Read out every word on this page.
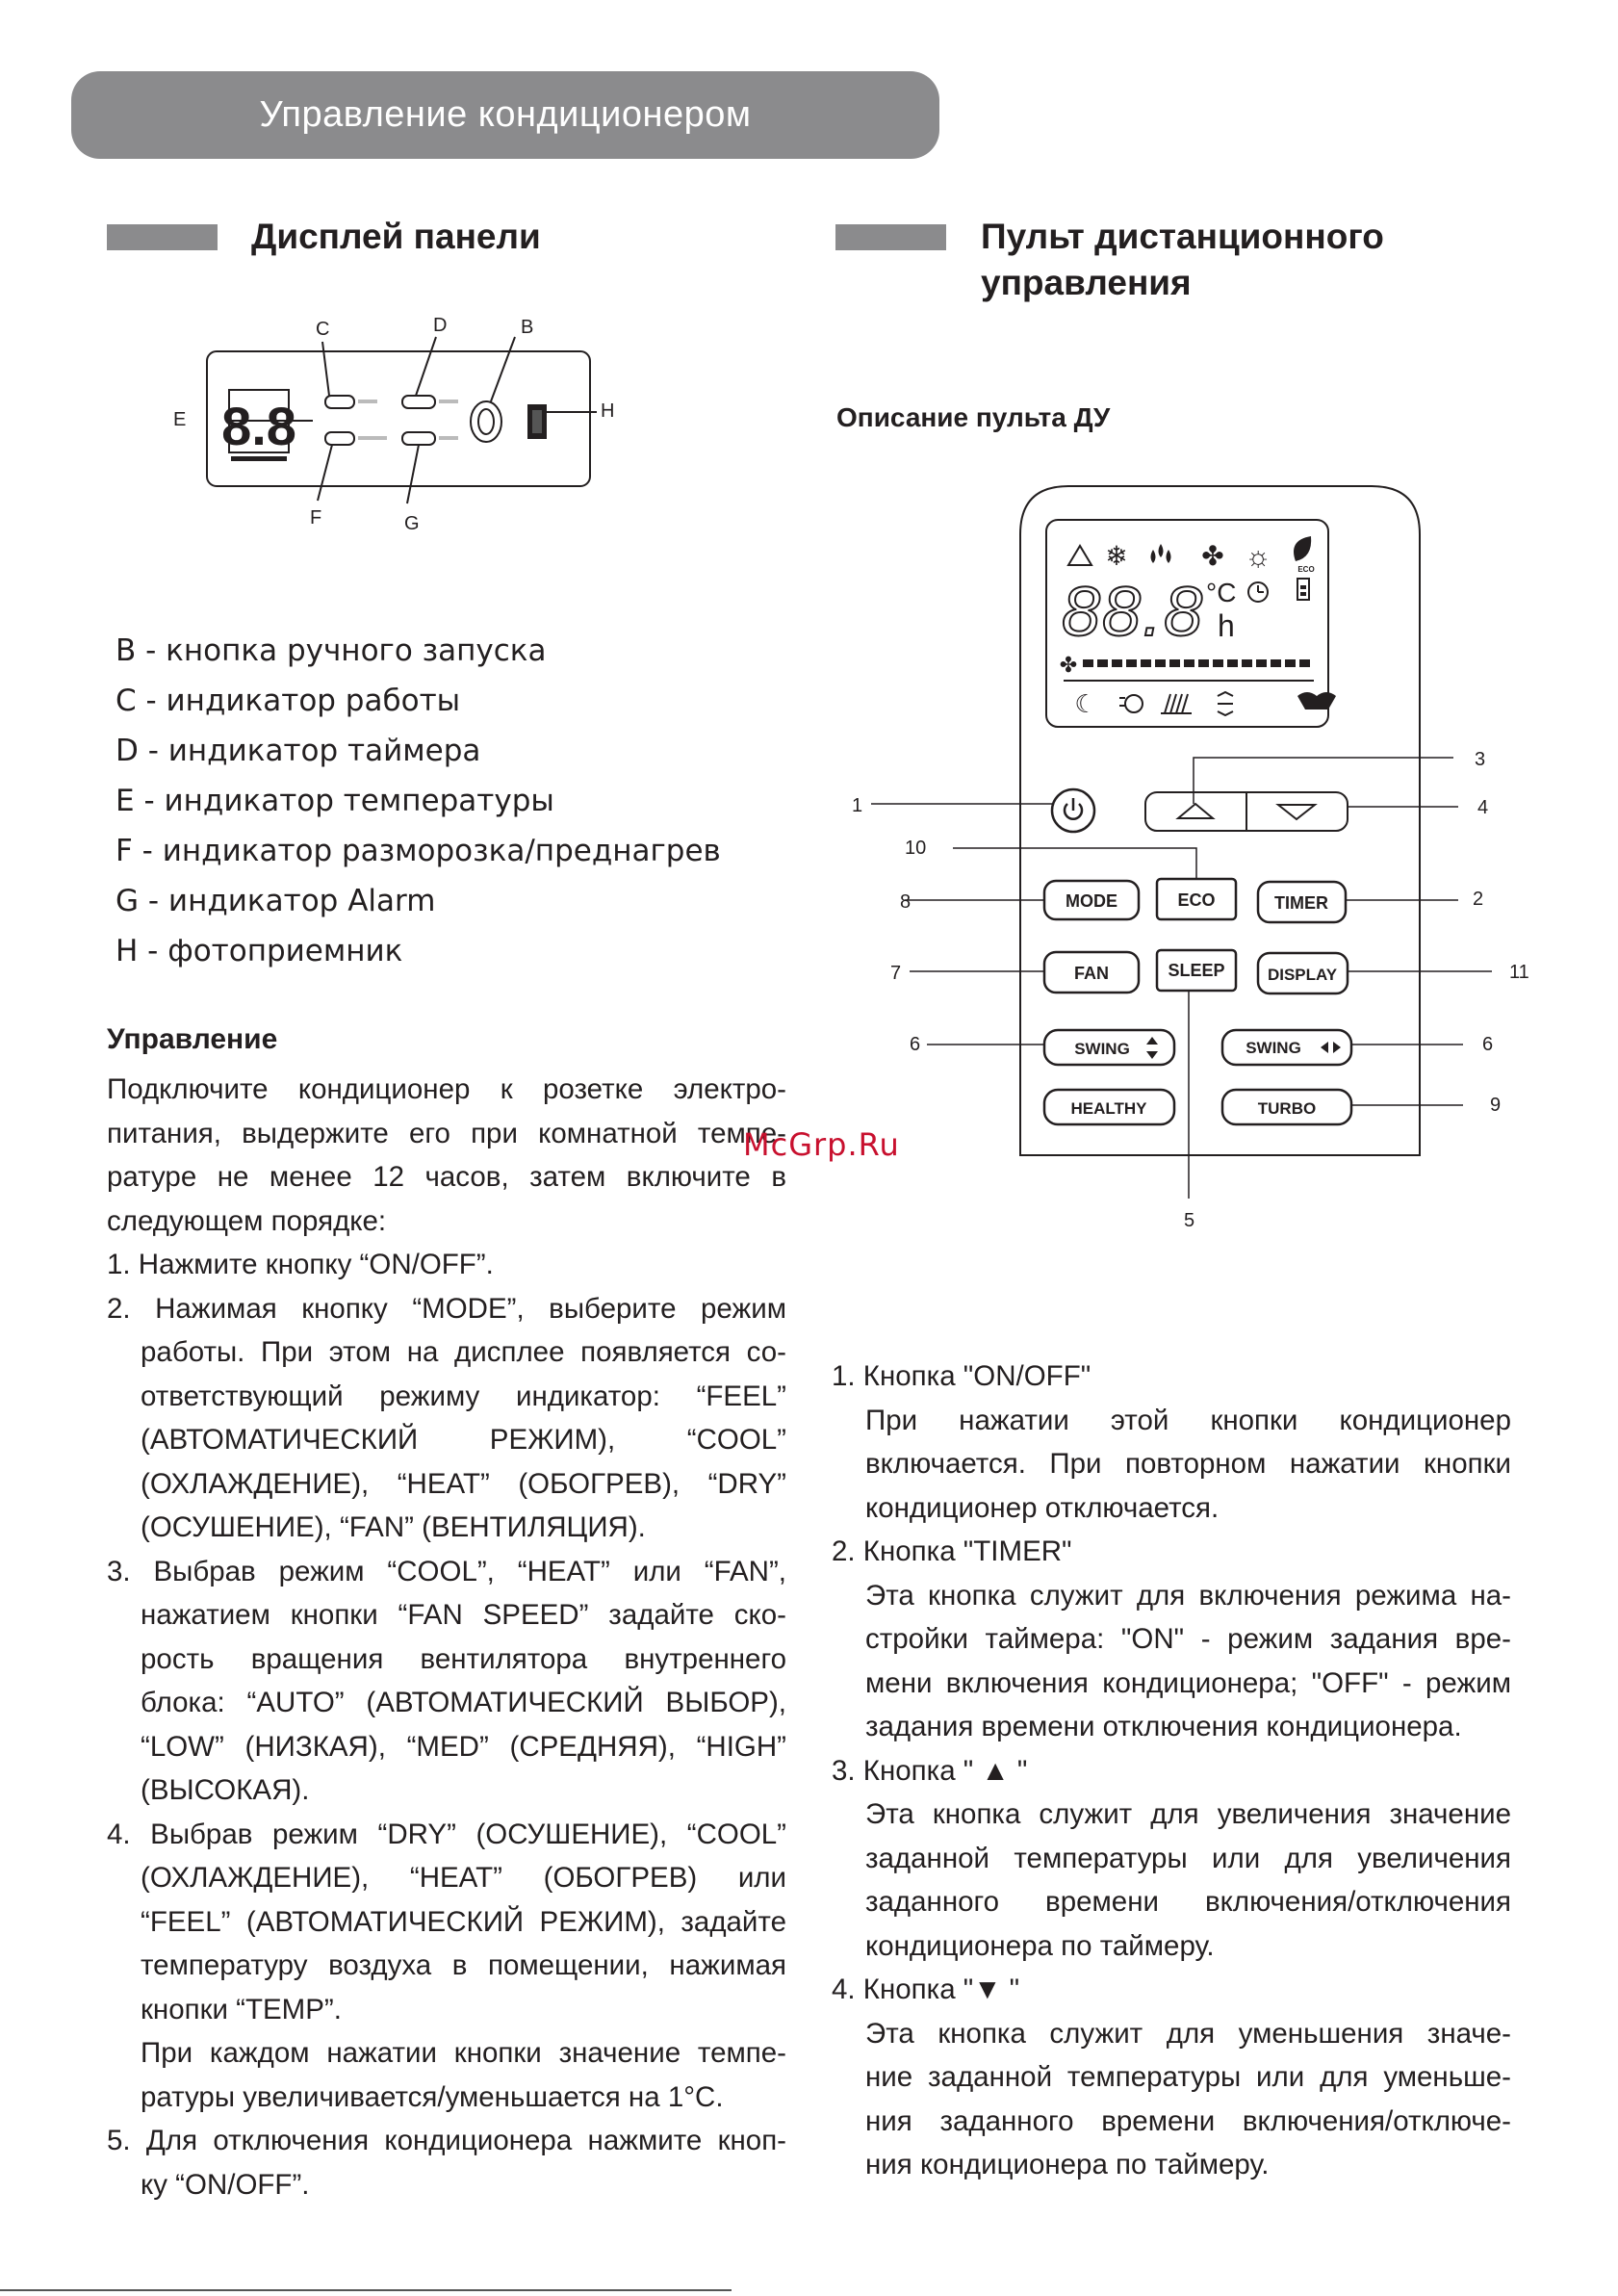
Управление кондиционером
Дисплей панели	Пульт дистанционного
управления
Описание пульта ДУ
8.8
C	D	B
E	H
F	G
B - кнопка ручного запуска
C - индикатор работы
D - индикатор таймера
E - индикатор температуры
F - индикатор разморозка/преднагрев
G - индикатор Alarm
H - фотоприемник
Управление
Подключите кондиционер к розетке электро-
питания, выдержите его при комнатной темпе-
ратуре не менее 12 часов, затем включите в
следующем порядке:
1. Нажмите кнопку “ON/OFF”.
2. Нажимая кнопку “MODE”, выберите режим
работы. При этом на дисплее появляется со-
ответствующий режиму индикатор: “FEEL”
(АВТОМАТИЧЕСКИЙ РЕЖИМ), “COOL”
(ОХЛАЖДЕНИЕ), “HEAT” (ОБОГРЕВ), “DRY”
(ОСУШЕНИЕ), “FAN” (ВЕНТИЛЯЦИЯ).
3. Выбрав режим “COOL”, “HEAT” или “FAN”,
нажатием кнопки “FAN SPEED” задайте ско-
рость вращения вентилятора внутреннего
блока: “AUTO” (АВТОМАТИЧЕСКИЙ ВЫБОР),
“LOW” (НИЗКАЯ), “MED” (СРЕДНЯЯ), “HIGH”
(ВЫСОКАЯ).
4. Выбрав режим “DRY” (ОСУШЕНИЕ), “COOL”
(ОХЛАЖДЕНИЕ), “HEAT” (ОБОГРЕВ) или
“FEEL” (АВТОМАТИЧЕСКИЙ РЕЖИМ), задайте
температуру воздуха в помещении, нажимая
кнопки “TEMP”.
При каждом нажатии кнопки значение темпе-
ратуры увеличивается/уменьшается на 1°С.
5. Для отключения кондиционера нажмите кноп-
ку “ON/OFF”.
McGrp.Ru
❄	✤ ☼	ECO
88.8 °C
h
✤
☾
MODE	ECO	TIMER
FAN	SLEEP	DISPLAY
SWING	SWING
HEALTHY	TURBO
1
2
3
4
5
6	6
7
8
9
10
11
1. Кнопка "ON/OFF"
При нажатии этой кнопки кондиционер
включается. При повторном нажатии кнопки
кондиционер отключается.
2. Кнопка "TIMER"
Эта кнопка служит для включения режима на-
стройки таймера: "ON" - режим задания вре-
мени включения кондиционера; "OFF" - режим
задания времени отключения кондиционера.
3. Кнопка " ▲ "
Эта кнопка служит для увеличения значение
заданной температуры или для увеличения
заданного времени включения/отключения
кондиционера по таймеру.
4. Кнопка "▼ "
Эта кнопка служит для уменьшения значе-
ние заданной температуры или для уменьше-
ния заданного времени включения/отключе-
ния кондиционера по таймеру.
